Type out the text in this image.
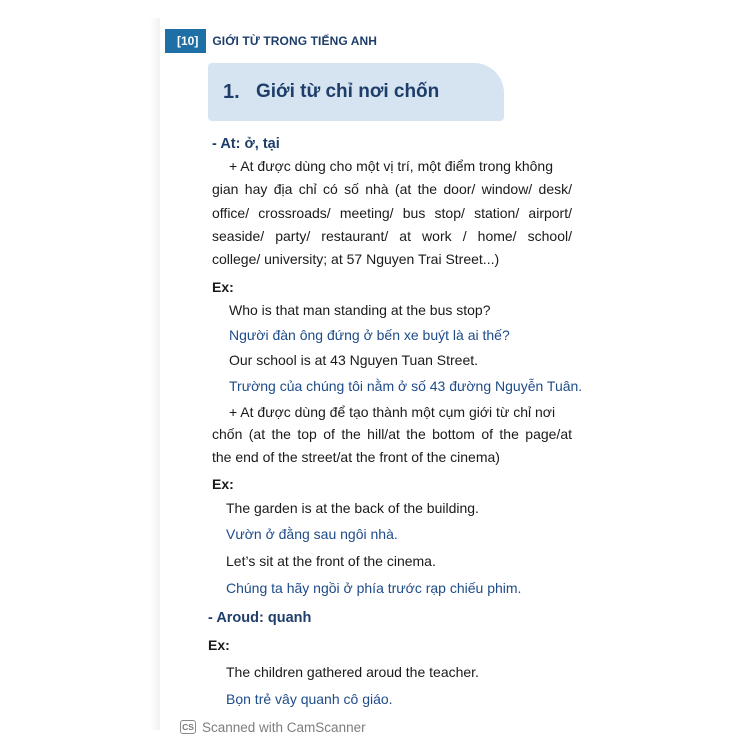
[10]	GIỚI TỪ TRONG TIẾNG ANH
1. Giới từ chỉ nơi chốn
- At: ở, tại
+ At được dùng cho một vị trí, một điểm trong không
gian hay địa chỉ có số nhà (at the door/ window/ desk/
office/ crossroads/ meeting/ bus stop/ station/ airport/
seaside/ party/ restaurant/ at work / home/ school/
college/ university; at 57 Nguyen Trai Street...)
Ex:
Who is that man standing at the bus stop?
Người đàn ông đứng ở bến xe buýt là ai thế?
Our school is at 43 Nguyen Tuan Street.
Trường của chúng tôi nằm ở số 43 đường Nguyễn Tuân.
+ At được dùng để tạo thành một cụm giới từ chỉ nơi
chốn (at the top of the hill/at the bottom of the page/at
the end of the street/at the front of the cinema)
Ex:
The garden is at the back of the building.
Vườn ở đằng sau ngôi nhà.
Let’s sit at the front of the cinema.
Chúng ta hãy ngồi ở phía trước rạp chiếu phim.
- Aroud: quanh
Ex:
The children gathered aroud the teacher.
Bọn trẻ vây quanh cô giáo.
CS Scanned with CamScanner
